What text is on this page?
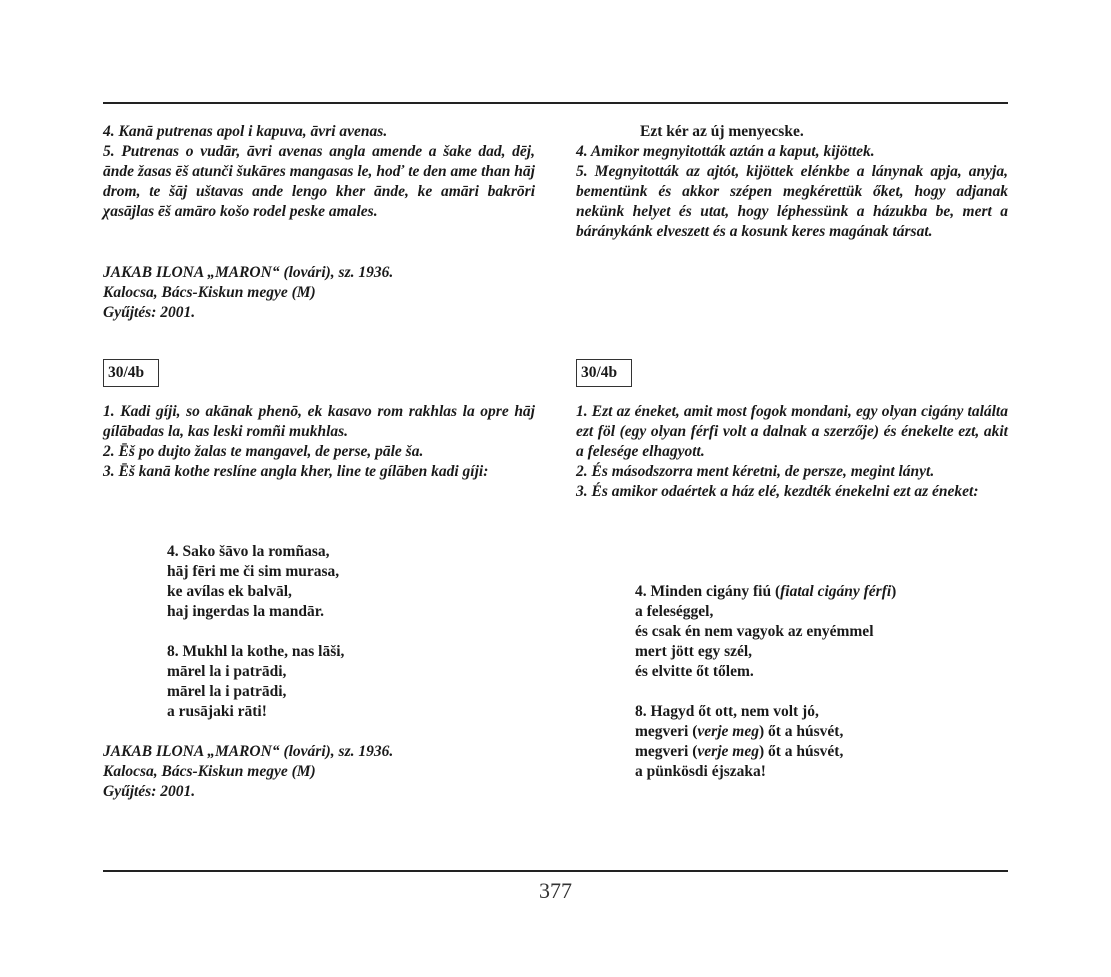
4. Kanā putrenas apol i kapuva, āvri avenas.

5. Putrenas o vudār, āvri avenas angla amende a šake dad, dēj, ānde žasas ēš atunči šukāres mangasas le, hoď te den ame than hāj drom, te šāj uštavas ande lengo kher ānde, ke amāri bakrōri χasājlas ēš amāro košo rodel peske amales.

JAKAB ILONA „MARON“ (lovári), sz. 1936.

Kalocsa, Bács-Kiskun megye (M)

Gyűjtés: 2001.

30/4b

1. Kadi gíji, so akānak phenō, ek kasavo rom rakhlas la opre hāj gílābadas la, kas leski romñi mukhlas.

2. Ēš po dujto žalas te mangavel, de perse, pāle ša.

3. Ēš kanā kothe reslíne angla kher, line te gílāben kadi gíji:

4. Sako šāvo la romñasa,

hāj fēri me či sim murasa,

ke avílas ek balvāl,

haj ingerdas la mandār.

8. Mukhl la kothe, nas lāši,

mārel la i patrādi,

mārel la i patrādi,

a rusājaki rāti!

JAKAB ILONA „MARON“ (lovári), sz. 1936.

Kalocsa, Bács-Kiskun megye (M)

Gyűjtés: 2001.

Ezt kér az új menyecske.

4. Amikor megnyitották aztán a kaput, kijöttek.

5. Megnyitották az ajtót, kijöttek elénkbe a lánynak apja, anyja, bementünk és akkor szépen megkérettük őket, hogy adjanak nekünk helyet és utat, hogy léphessünk a házukba be, mert a báránykánk elveszett és a kosunk keres magának társat.

30/4b

1. Ezt az éneket, amit most fogok mondani, egy olyan cigány találta ezt föl (egy olyan férfi volt a dalnak a szerzője) és énekelte ezt, akit a felesége elhagyott.

2. És másodszorra ment kéretni, de persze, megint lányt.

3. És amikor odaértek a ház elé, kezdték énekelni ezt az éneket:

4. Minden cigány fiú (fiatal cigány férfi)

a feleséggel,

és csak én nem vagyok az enyémmel

mert jött egy szél,

és elvitte őt tőlem.

8. Hagyd őt ott, nem volt jó,

megveri (verje meg) őt a húsvét,

megveri (verje meg) őt a húsvét,

a pünkösdi éjszaka!

377
